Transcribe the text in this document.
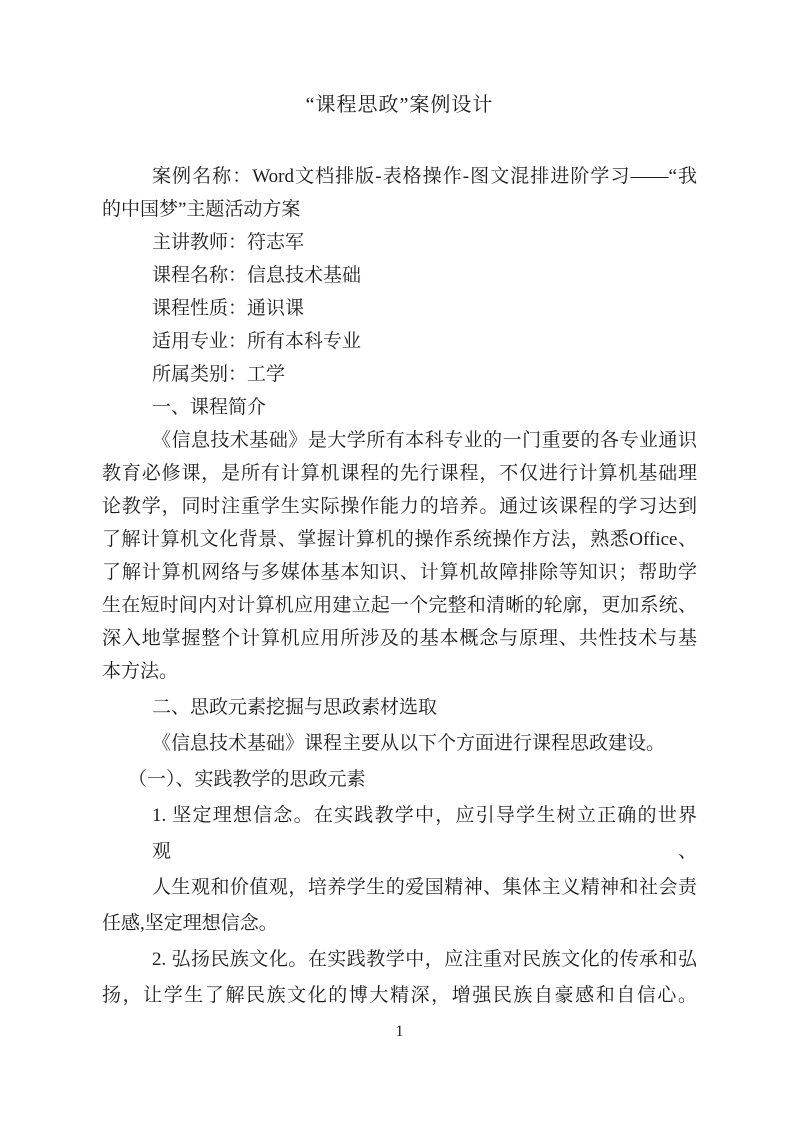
“课程思政”案例设计
案例名称：Word文档排版-表格操作-图文混排进阶学习——“我
的中国梦”主题活动方案
主讲教师：符志军
课程名称：信息技术基础
课程性质：通识课
适用专业：所有本科专业
所属类别：工学
一、课程简介
《信息技术基础》是大学所有本科专业的一门重要的各专业通识
教育必修课，是所有计算机课程的先行课程，不仅进行计算机基础理
论教学，同时注重学生实际操作能力的培养。通过该课程的学习达到
了解计算机文化背景、掌握计算机的操作系统操作方法，熟悉Office、
了解计算机网络与多媒体基本知识、计算机故障排除等知识；帮助学
生在短时间内对计算机应用建立起一个完整和清晰的轮廓，更加系统、
深入地掌握整个计算机应用所涉及的基本概念与原理、共性技术与基
本方法。
二、思政元素挖掘与思政素材选取
《信息技术基础》课程主要从以下个方面进行课程思政建设。
（一）、实践教学的思政元素
1. 坚定理想信念。在实践教学中，应引导学生树立正确的世界观、
人生观和价值观，培养学生的爱国精神、集体主义精神和社会责
任感,坚定理想信念。
2. 弘扬民族文化。在实践教学中，应注重对民族文化的传承和弘
扬，让学生了解民族文化的博大精深，增强民族自豪感和自信心。
1
